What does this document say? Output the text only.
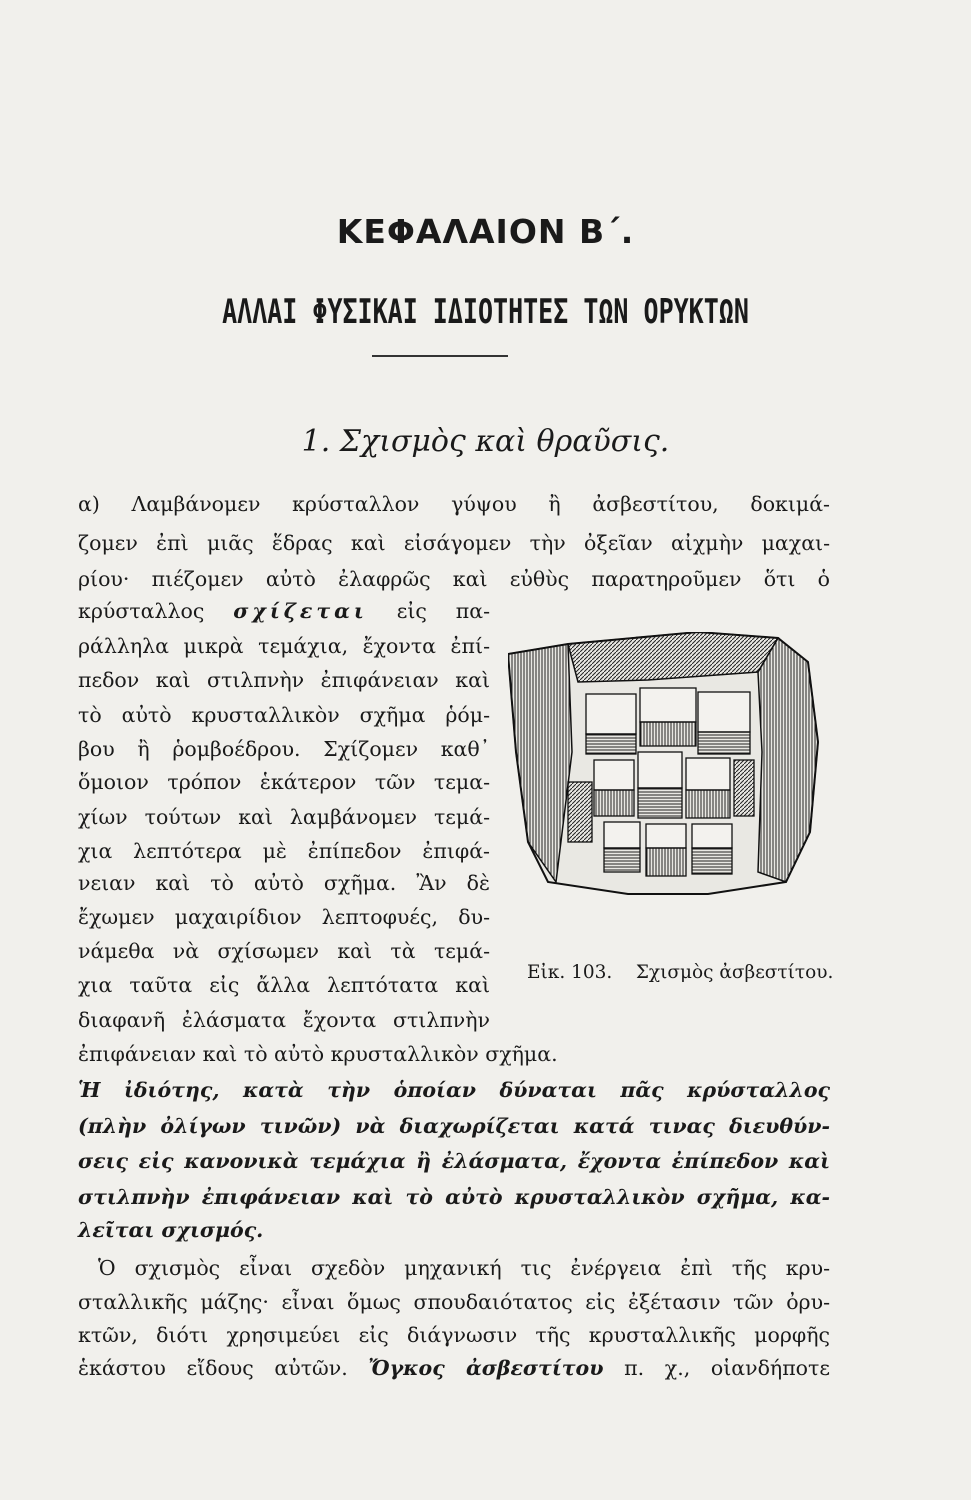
ΚΕΦΑΛΑΙΟΝ Β΄.
ΑΛΛΑΙ ΦΥΣΙΚΑΙ ΙΔΙΟΤΗΤΕΣ ΤΩΝ ΟΡΥΚΤΩΝ
1. Σχισμὸς καὶ θραῦσις.
α) Λαμβάνομεν κρύσταλλον γύψου ἢ ἀσβεστίτου, δοκιμά-
ζομεν ἐπὶ μιᾶς ἕδρας καὶ εἰσάγομεν τὴν ὀξεῖαν αἰχμὴν μαχαι-
ρίου· πιέζομεν αὐτὸ ἐλαφρῶς καὶ εὐθὺς παρατηροῦμεν ὅτι ὁ
κρύσταλλος σχίζεται εἰς πα-
ράλληλα μικρὰ τεμάχια, ἔχοντα ἐπί-
πεδον καὶ στιλπνὴν ἐπιφάνειαν καὶ
τὸ αὐτὸ κρυσταλλικὸν σχῆμα ῥόμ-
βου ἢ ῥομβοέδρου. Σχίζομεν καθ᾽
ὅμοιον τρόπον ἑκάτερον τῶν τεμα-
χίων τούτων καὶ λαμβάνομεν τεμά-
χια λεπτότερα μὲ ἐπίπεδον ἐπιφά-
νειαν καὶ τὸ αὐτὸ σχῆμα. Ἂν δὲ
ἔχωμεν μαχαιρίδιον λεπτοφυές, δυ-
νάμεθα νὰ σχίσωμεν καὶ τὰ τεμά-
χια ταῦτα εἰς ἄλλα λεπτότατα καὶ
διαφανῆ ἐλάσματα ἔχοντα στιλπνὴν
ἐπιφάνειαν καὶ τὸ αὐτὸ κρυσταλλικὸν σχῆμα.
Εἰκ. 103. Σχισμὸς ἀσβεστίτου.
Ἡ ἰδιότης, κατὰ τὴν ὁποίαν δύναται πᾶς κρύσταλλος
(πλὴν ὀλίγων τινῶν) νὰ διαχωρίζεται κατά τινας διευθύν-
σεις εἰς κανονικὰ τεμάχια ἢ ἐλάσματα, ἔχοντα ἐπίπεδον καὶ
στιλπνὴν ἐπιφάνειαν καὶ τὸ αὐτὸ κρυσταλλικὸν σχῆμα, κα-
λεῖται σχισμός.
Ὁ σχισμὸς εἶναι σχεδὸν μηχανική τις ἐνέργεια ἐπὶ τῆς κρυ-
σταλλικῆς μάζης· εἶναι ὅμως σπουδαιότατος εἰς ἐξέτασιν τῶν ὀρυ-
κτῶν, διότι χρησιμεύει εἰς διάγνωσιν τῆς κρυσταλλικῆς μορφῆς
ἑκάστου εἴδους αὐτῶν. Ὄγκος ἀσβεστίτου π. χ., οἱανδήποτε
